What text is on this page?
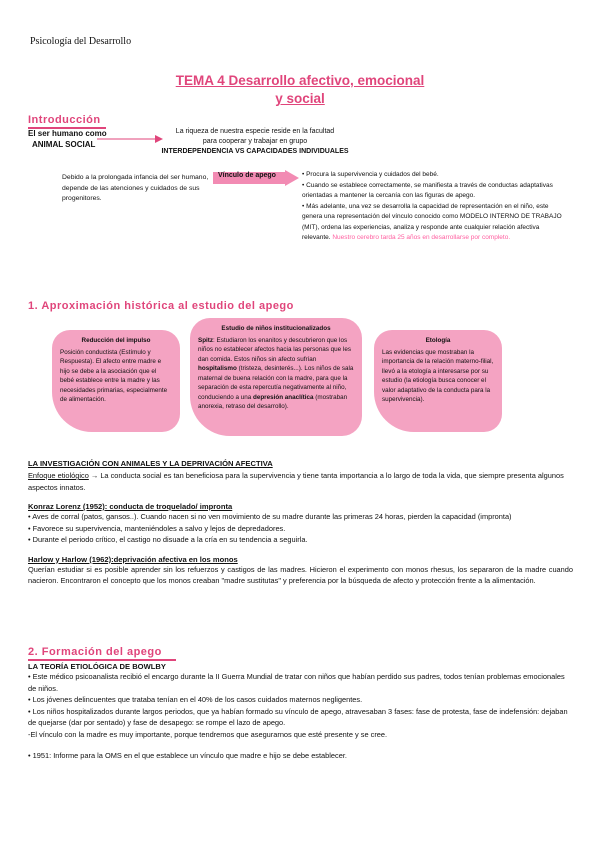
Psicología del Desarrollo
TEMA 4 Desarrollo afectivo, emocional
y social
Introducción
El ser humano como
ANIMAL SOCIAL
La riqueza de nuestra especie reside en la facultad
para cooperar y trabajar en grupo
INTERDEPENDENCIA VS CAPACIDADES INDIVIDUALES
Debido a la prolongada infancia del ser humano, depende de las atenciones y cuidados de sus progenitores.
Vínculo de apego	• Procura la supervivencia y cuidados del bebé.
• Cuando se establece correctamente, se manifiesta a través de conductas adaptativas orientadas a mantener la cercanía con las figuras de apego.
• Más adelante, una vez se desarrolla la capacidad de representación en el niño, este genera una representación del vínculo conocido como MODELO INTERNO DE TRABAJO (MIT), ordena las experiencias, analiza y responde ante cualquier relación afectiva relevante. Nuestro cerebro tarda 25 años en desarrollarse por completo.
1. Aproximación histórica al estudio del apego
Reducción del impulso
Posición conductista (Estímulo y Respuesta). El afecto entre madre e hijo se debe a la asociación que el bebé establece entre la madre y las necesidades primarias, especialmente de alimentación.
Estudio de niños institucionalizados
Spitz: Estudiaron los enanitos y descubrieron que los niños no establecer afectos hacia las personas que les dan comida. Estos niños sin afecto sufrían hospitalismo (tristeza, desinterés...). Los niños de sala maternal de buena relación con la madre, para que la separación de esta repercutía negativamente al niño, conduciendo a una depresión anaclítica (mostraban anorexia, retraso del desarrollo).
Etología
Las evidencias que mostraban la importancia de la relación materno-filial, llevó a la etología a interesarse por su estudio (la etiología busca conocer el valor adaptativo de la conducta para la supervivencia).
LA INVESTIGACIÓN CON ANIMALES Y LA DEPRIVACIÓN AFECTIVA
Enfoque etiológico → La conducta social es tan beneficiosa para la supervivencia y tiene tanta importancia a lo largo de toda la vida, que siempre presenta algunos aspectos innatos.
Konraz Lorenz (1952): conducta de troquelado/ impronta
• Aves de corral (patos, gansos..). Cuando nacen si no ven movimiento de su madre durante las primeras 24 horas, pierden la capacidad (impronta)
• Favorece su supervivencia, manteniéndoles a salvo y lejos de depredadores.
• Durante el periodo crítico, el castigo no disuade a la cría en su tendencia a seguirla.
Harlow y Harlow (1962):deprivación afectiva en los monos
Querían estudiar si es posible aprender sin los refuerzos y castigos de las madres. Hicieron el experimento con monos rhesus, los separaron de la madre cuando nacieron. Encontraron el concepto que los monos creaban "madre sustitutas" y preferencia por la búsqueda de afecto y protección frente a la alimentación.
2. Formación del apego
LA TEORÍA ETIOLÓGICA DE BOWLBY
• Este médico psicoanalista recibió el encargo durante la II Guerra Mundial de tratar con niños que habían perdido sus padres, todos tenían problemas emocionales de niños.
• Los jóvenes delincuentes que trataba tenían en el 40% de los casos cuidados maternos negligentes.
• Los niños hospitalizados durante largos periodos, que ya habían formado su vínculo de apego, atravesaban 3 fases: fase de protesta, fase de indefensión: dejaban de quejarse (dar por sentado) y fase de desapego: se rompe el lazo de apego.
-El vínculo con la madre es muy importante, porque tendremos que asegurarnos que esté presente y se cree.
• 1951: Informe para la OMS en el que establece un vínculo que madre e hijo se debe establecer.
